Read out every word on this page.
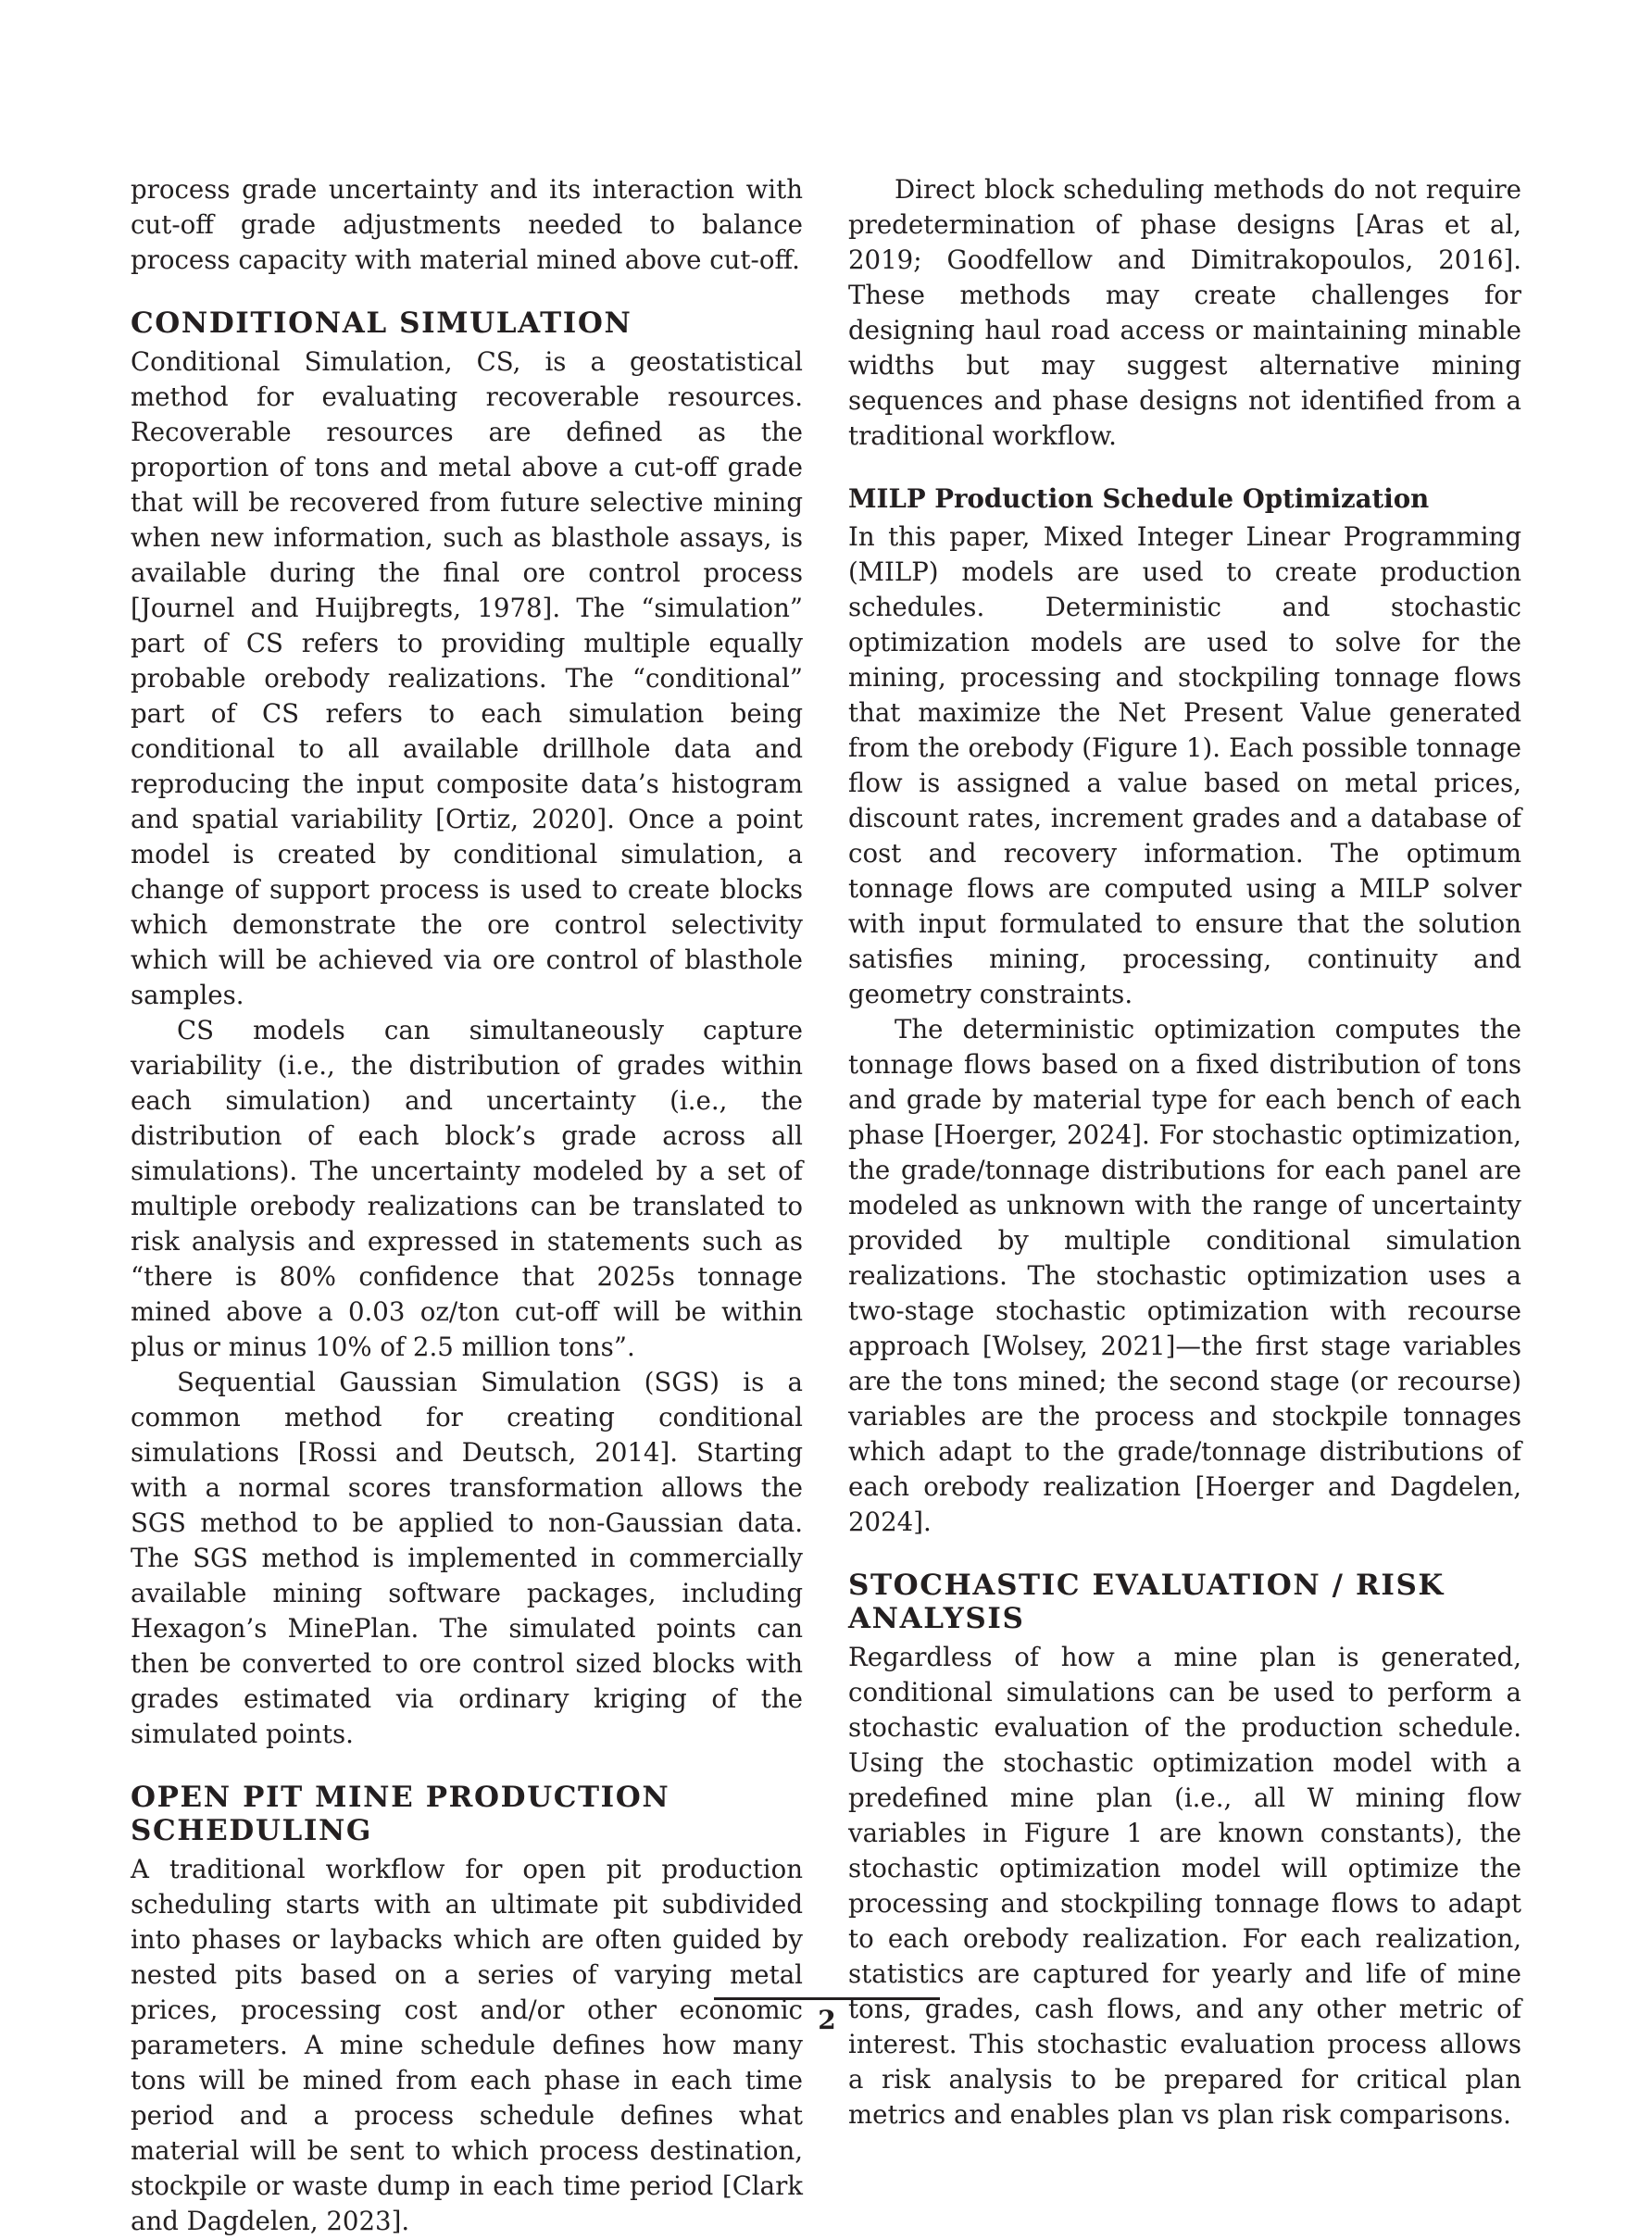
process grade uncertainty and its interaction with cut-off grade adjustments needed to balance process capacity with material mined above cut-off.

CONDITIONAL SIMULATION

Conditional Simulation, CS, is a geostatistical method for evaluating recoverable resources. Recoverable resources are defined as the proportion of tons and metal above a cut-off grade that will be recovered from future selective mining when new information, such as blasthole assays, is available during the final ore control process [Journel and Huijbregts, 1978]. The “simulation” part of CS refers to providing multiple equally probable orebody realizations. The “conditional” part of CS refers to each simulation being conditional to all available drillhole data and reproducing the input composite data’s histogram and spatial variability [Ortiz, 2020]. Once a point model is created by conditional simulation, a change of support process is used to create blocks which demonstrate the ore control selectivity which will be achieved via ore control of blasthole samples.

CS models can simultaneously capture variability (i.e., the distribution of grades within each simulation) and uncertainty (i.e., the distribution of each block’s grade across all simulations). The uncertainty modeled by a set of multiple orebody realizations can be translated to risk analysis and expressed in statements such as “there is 80% confidence that 2025s tonnage mined above a 0.03 oz/ton cut-off will be within plus or minus 10% of 2.5 million tons”.

Sequential Gaussian Simulation (SGS) is a common method for creating conditional simulations [Rossi and Deutsch, 2014]. Starting with a normal scores transformation allows the SGS method to be applied to non-Gaussian data. The SGS method is implemented in commercially available mining software packages, including Hexagon’s MinePlan. The simulated points can then be converted to ore control sized blocks with grades estimated via ordinary kriging of the simulated points.

OPEN PIT MINE PRODUCTION SCHEDULING

A traditional workflow for open pit production scheduling starts with an ultimate pit subdivided into phases or laybacks which are often guided by nested pits based on a series of varying metal prices, processing cost and/or other economic parameters. A mine schedule defines how many tons will be mined from each phase in each time period and a process schedule defines what material will be sent to which process destination, stockpile or waste dump in each time period [Clark and Dagdelen, 2023].

Direct block scheduling methods do not require predetermination of phase designs [Aras et al, 2019; Goodfellow and Dimitrakopoulos, 2016]. These methods may create challenges for designing haul road access or maintaining minable widths but may suggest alternative mining sequences and phase designs not identified from a traditional workflow.

MILP Production Schedule Optimization

In this paper, Mixed Integer Linear Programming (MILP) models are used to create production schedules. Deterministic and stochastic optimization models are used to solve for the mining, processing and stockpiling tonnage flows that maximize the Net Present Value generated from the orebody (Figure 1). Each possible tonnage flow is assigned a value based on metal prices, discount rates, increment grades and a database of cost and recovery information. The optimum tonnage flows are computed using a MILP solver with input formulated to ensure that the solution satisfies mining, processing, continuity and geometry constraints.

The deterministic optimization computes the tonnage flows based on a fixed distribution of tons and grade by material type for each bench of each phase [Hoerger, 2024]. For stochastic optimization, the grade/tonnage distributions for each panel are modeled as unknown with the range of uncertainty provided by multiple conditional simulation realizations. The stochastic optimization uses a two-stage stochastic optimization with recourse approach [Wolsey, 2021]—the first stage variables are the tons mined; the second stage (or recourse) variables are the process and stockpile tonnages which adapt to the grade/tonnage distributions of each orebody realization [Hoerger and Dagdelen, 2024].

STOCHASTIC EVALUATION / RISK ANALYSIS

Regardless of how a mine plan is generated, conditional simulations can be used to perform a stochastic evaluation of the production schedule. Using the stochastic optimization model with a predefined mine plan (i.e., all W mining flow variables in Figure 1 are known constants), the stochastic optimization model will optimize the processing and stockpiling tonnage flows to adapt to each orebody realization. For each realization, statistics are captured for yearly and life of mine tons, grades, cash flows, and any other metric of interest. This stochastic evaluation process allows a risk analysis to be prepared for critical plan metrics and enables plan vs plan risk comparisons.

2
